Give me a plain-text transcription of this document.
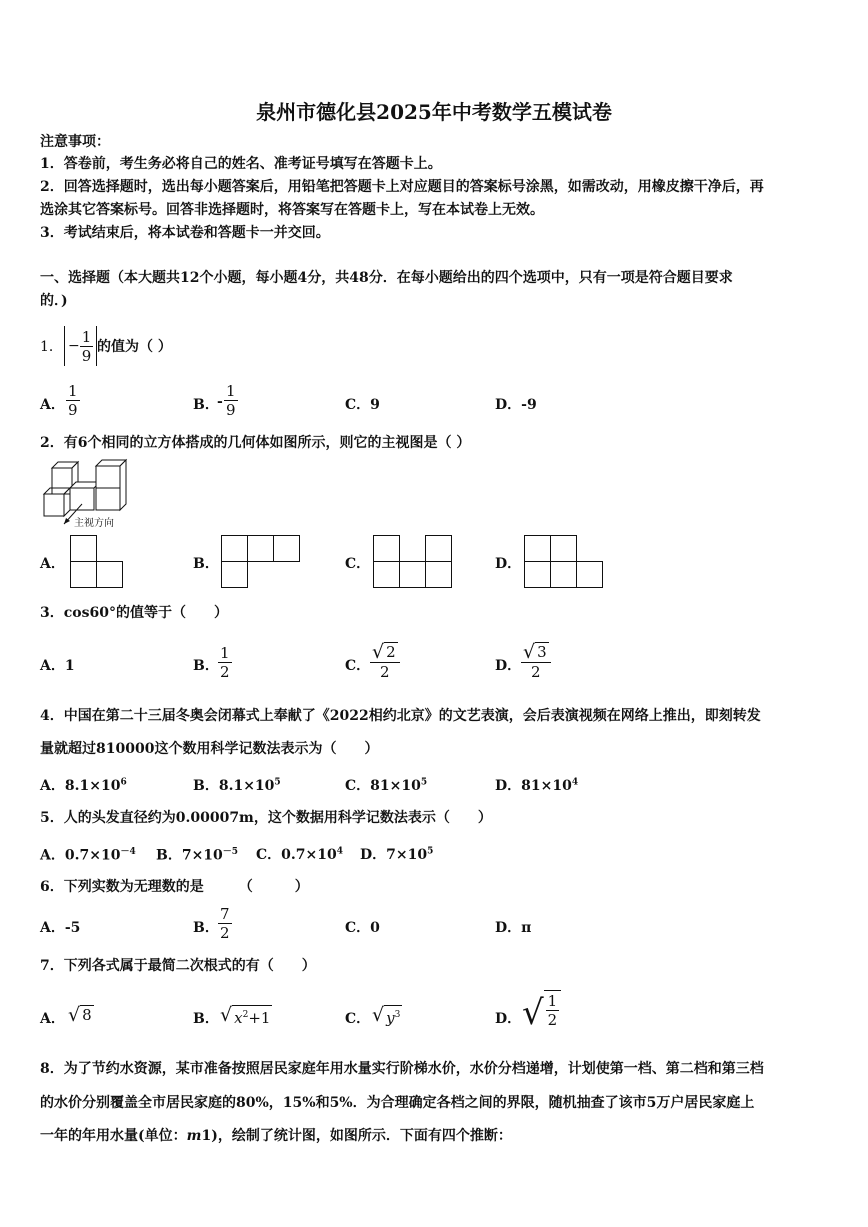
泉州市德化县2025年中考数学五模试卷
注意事项：
1．答卷前，考生务必将自己的姓名、准考证号填写在答题卡上。
2．回答选择题时，选出每小题答案后，用铅笔把答题卡上对应题目的答案标号涂黑，如需改动，用橡皮擦干净后，再
选涂其它答案标号。回答非选择题时，将答案写在答题卡上，写在本试卷上无效。
3．考试结束后，将本试卷和答题卡一并交回。
一、选择题（本大题共12个小题，每小题4分，共48分．在每小题给出的四个选项中，只有一项是符合题目要求
的．)
1． − $\frac{1}{9}$ 的值为（ ）
A． $\frac{1}{9}$	B．
- $\frac{1}{9}$	C．9	D．-9
2．有6个相同的立方体搭成的几何体如图所示，则它的主视图是（ ）
主视方向
A．	B．	C．	D．
3．cos60°的值等于（　　）
A．1	B． $\frac{1}{2}$	C． $\frac{√ 2}{2}$	D． $\frac{√ 3}{2}$
4．中国在第二十三届冬奥会闭幕式上奉献了《2022相约北京》的文艺表演，会后表演视频在网络上推出，即刻转发
量就超过810000这个数用科学记数法表示为（　　）
A．$8.1\times 10^6$	B．$8.1\times 10^5$	C．$81\times 10^5$	D．$81\times 10^4$
5．人的头发直径约为0.00007m，这个数据用科学记数法表示（　　）
A．$0.7\times 10^{-4}$ B．$7\times 10^{-5}$ C．$0.7\times 10^4$ D．$7\times 10^5$
6．下列实数为无理数的是　　　（　　　）
A．-5	B． $\frac{7}{2}$	C．0	D．π
7．下列各式属于最简二次根式的有（　　）
A． √ 8	B． √ $x^2+1$	C． √ $y^3$	D． √ $\frac{1}{2}$
8．为了节约水资源，某市准备按照居民家庭年用水量实行阶梯水价，水价分档递增，计划使第一档、第二档和第三档
的水价分别覆盖全市居民家庭的80%，15%和5%．为合理确定各档之间的界限，随机抽查了该市5万户居民家庭上
一年的年用水量(单位：m1)，绘制了统计图，如图所示．下面有四个推断：
